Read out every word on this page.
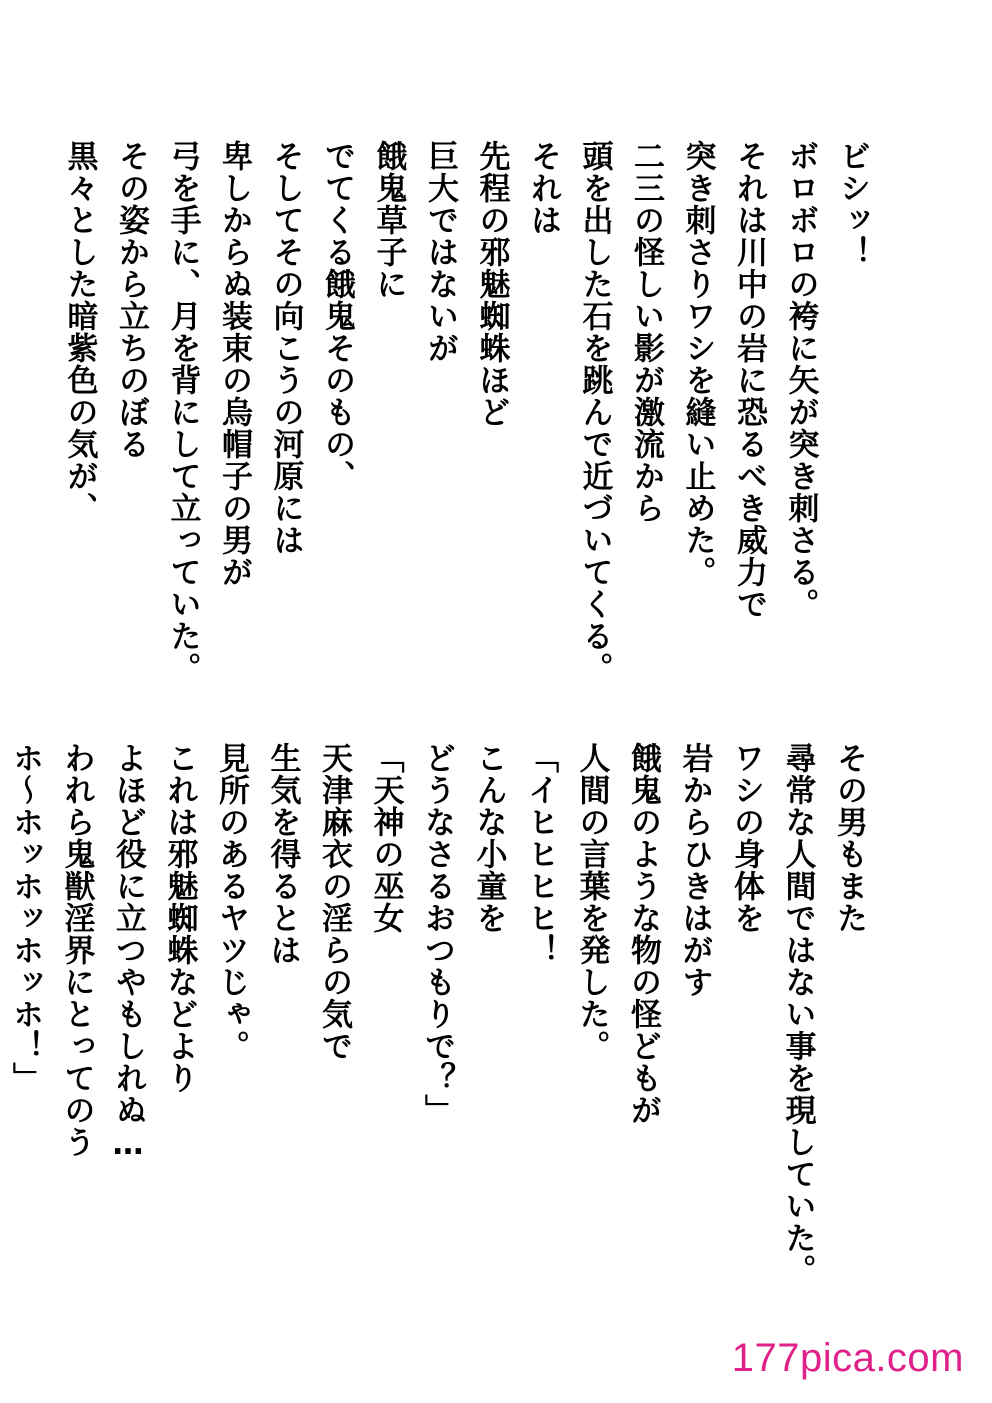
ビシッ！
ボロボロの袴に矢が突き刺さる。
それは川中の岩に恐るべき威力で
突き刺さりワシを縫い止めた。
二三の怪しい影が激流から
頭を出した石を跳んで近づいてくる。
それは
先程の邪魅蜘蛛ほど
巨大ではないが
餓鬼草子に
でてくる餓鬼そのもの、
そしてその向こうの河原には
卑しからぬ装束の烏帽子の男が
弓を手に、月を背にして立っていた。
その姿から立ちのぼる
黒々とした暗紫色の気が、
その男もまた
尋常な人間ではない事を現していた。
ワシの身体を
岩からひきはがす
餓鬼のような物の怪どもが
人間の言葉を発した。
「イヒヒヒヒ！
こんな小童を
どうなさるおつもりで？」
「天神の巫女
天津麻衣の淫らの気で
生気を得るとは
見所のあるヤツじゃ。
これは邪魅蜘蛛などより
よほど役に立つやもしれぬ…
われら鬼獣淫界にとってのう
ホ～ホッホッホッホ！」
177pica.com
